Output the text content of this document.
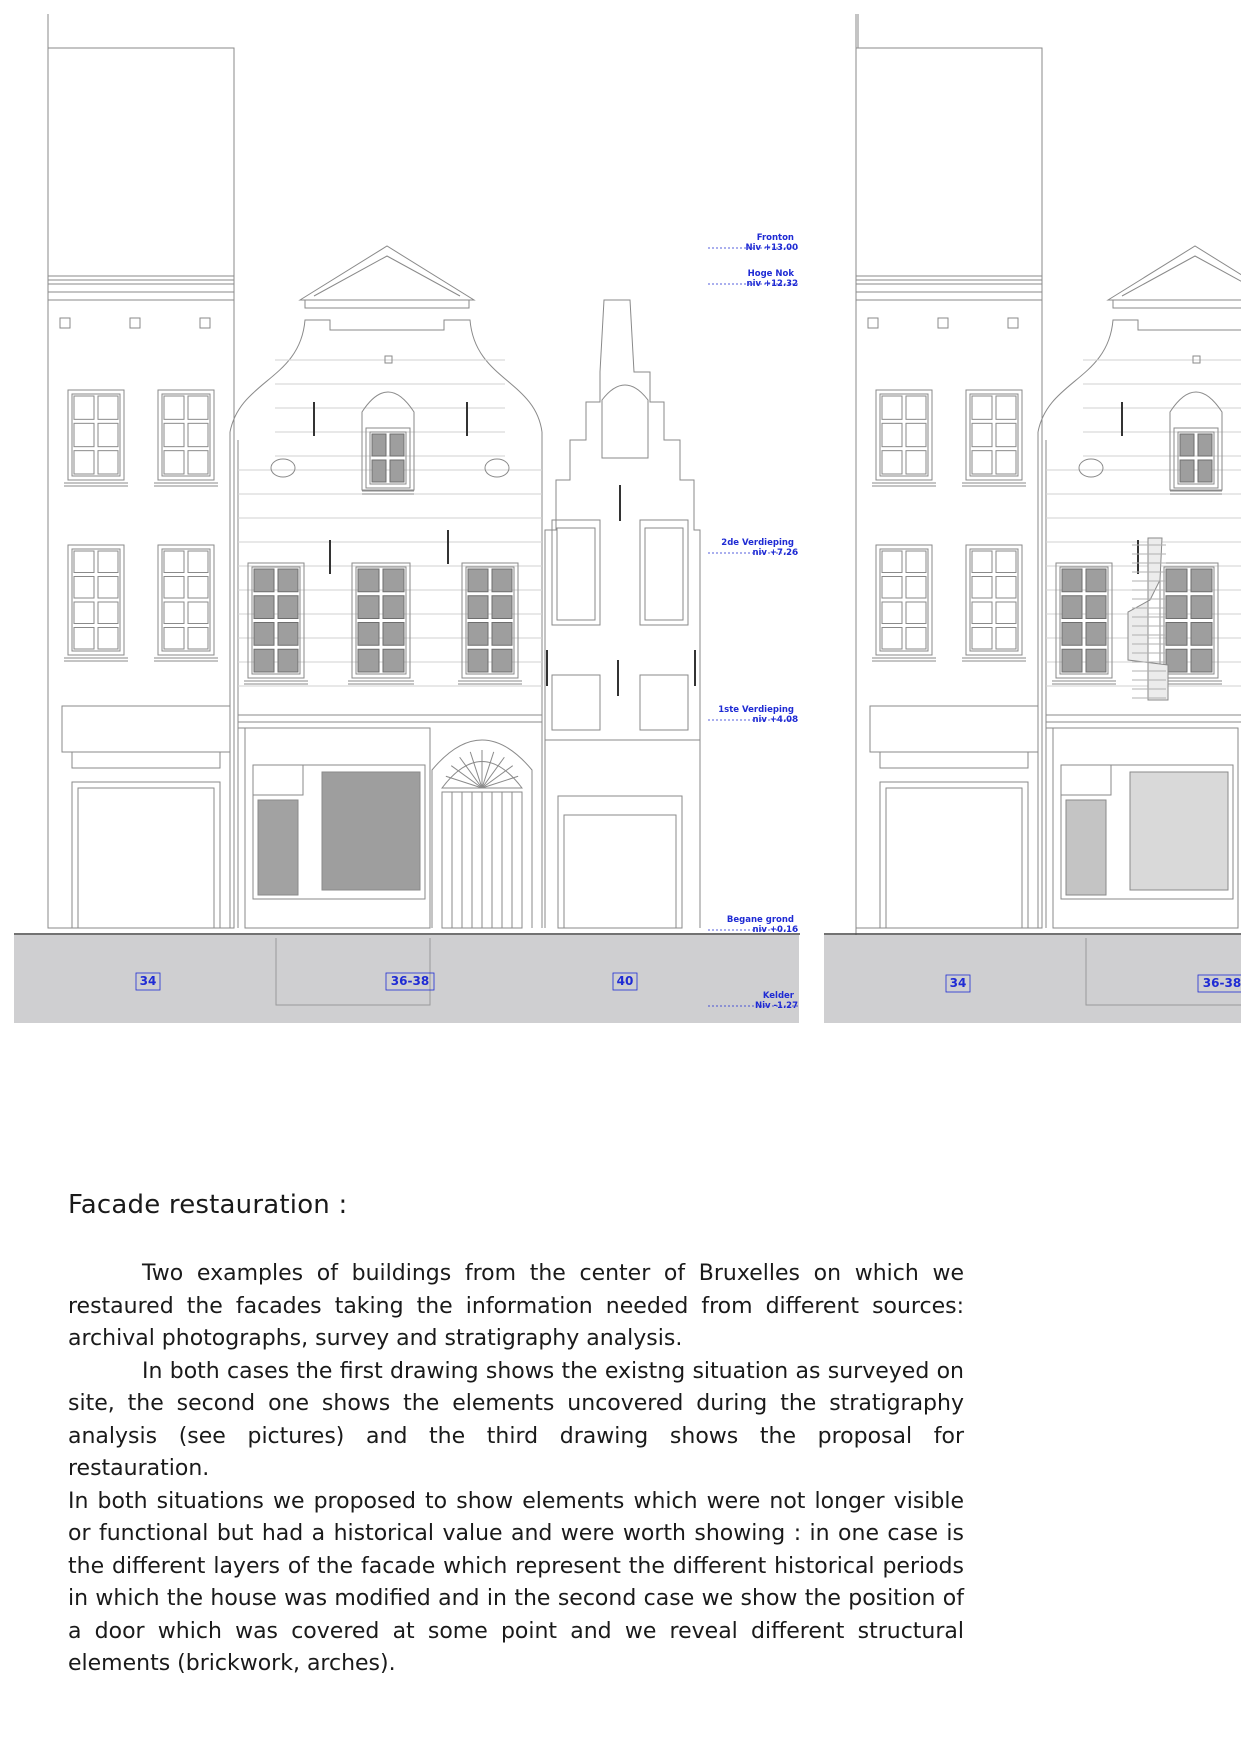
Fronton
Niv +13.00
Hoge Nok
niv +12.32
2de Verdieping
niv +7.26
1ste Verdieping
niv +4.08
Begane grond
niv +0.16
Kelder
Niv -1.27
34	36-38	40	34	36-38
Facade restauration :

Two examples of buildings from the center of Bruxelles on which we restaured the facades taking the information needed from different sources: archival photographs, survey and stratigraphy analysis.

In both cases the first drawing shows the existng situation as surveyed on site, the second one shows the elements uncovered during the stratigraphy analysis (see pictures) and the third drawing shows the proposal for restauration.

In both situations we proposed to show elements which were not longer visible or functional but had a historical value and were worth showing : in one case is the different layers of the facade which represent the different historical periods in which the house was modified and in the second case we show the position of a door which was covered at some point and we reveal different structural elements (brickwork, arches).
